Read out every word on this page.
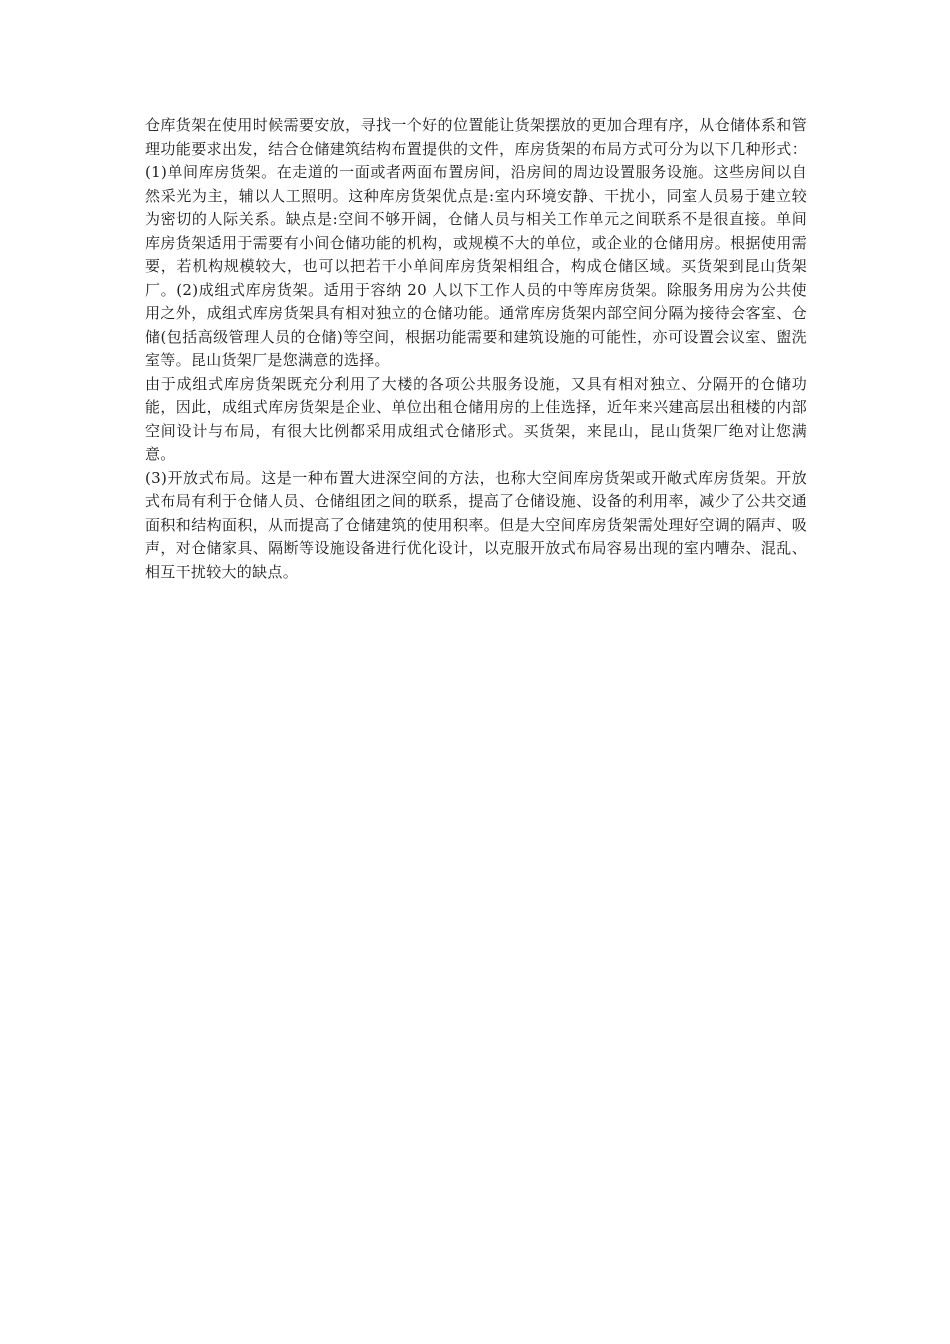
仓库货架在使用时候需要安放，寻找一个好的位置能让货架摆放的更加合理有序，从仓储体系和管理功能要求出发，结合仓储建筑结构布置提供的文件，库房货架的布局方式可分为以下几种形式：(1)单间库房货架。在走道的一面或者两面布置房间，沿房间的周边设置服务设施。这些房间以自然采光为主，辅以人工照明。这种库房货架优点是:室内环境安静、干扰小，同室人员易于建立较为密切的人际关系。缺点是:空间不够开阔，仓储人员与相关工作单元之间联系不是很直接。单间库房货架适用于需要有小间仓储功能的机构，或规模不大的单位，或企业的仓储用房。根据使用需要，若机构规模较大，也可以把若干小单间库房货架相组合，构成仓储区域。买货架到昆山货架厂。(2)成组式库房货架。适用于容纳 20 人以下工作人员的中等库房货架。除服务用房为公共使用之外，成组式库房货架具有相对独立的仓储功能。通常库房货架内部空间分隔为接待会客室、仓储(包括高级管理人员的仓储)等空间，根据功能需要和建筑设施的可能性，亦可设置会议室、盥洗室等。昆山货架厂是您满意的选择。

由于成组式库房货架既充分利用了大楼的各项公共服务设施，又具有相对独立、分隔开的仓储功能，因此，成组式库房货架是企业、单位出租仓储用房的上佳选择，近年来兴建高层出租楼的内部空间设计与布局，有很大比例都采用成组式仓储形式。买货架，来昆山，昆山货架厂绝对让您满意。

(3)开放式布局。这是一种布置大进深空间的方法，也称大空间库房货架或开敞式库房货架。开放式布局有利于仓储人员、仓储组团之间的联系，提高了仓储设施、设备的利用率，减少了公共交通面积和结构面积，从而提高了仓储建筑的使用积率。但是大空间库房货架需处理好空调的隔声、吸声，对仓储家具、隔断等设施设备进行优化设计，以克服开放式布局容易出现的室内嘈杂、混乱、相互干扰较大的缺点。
